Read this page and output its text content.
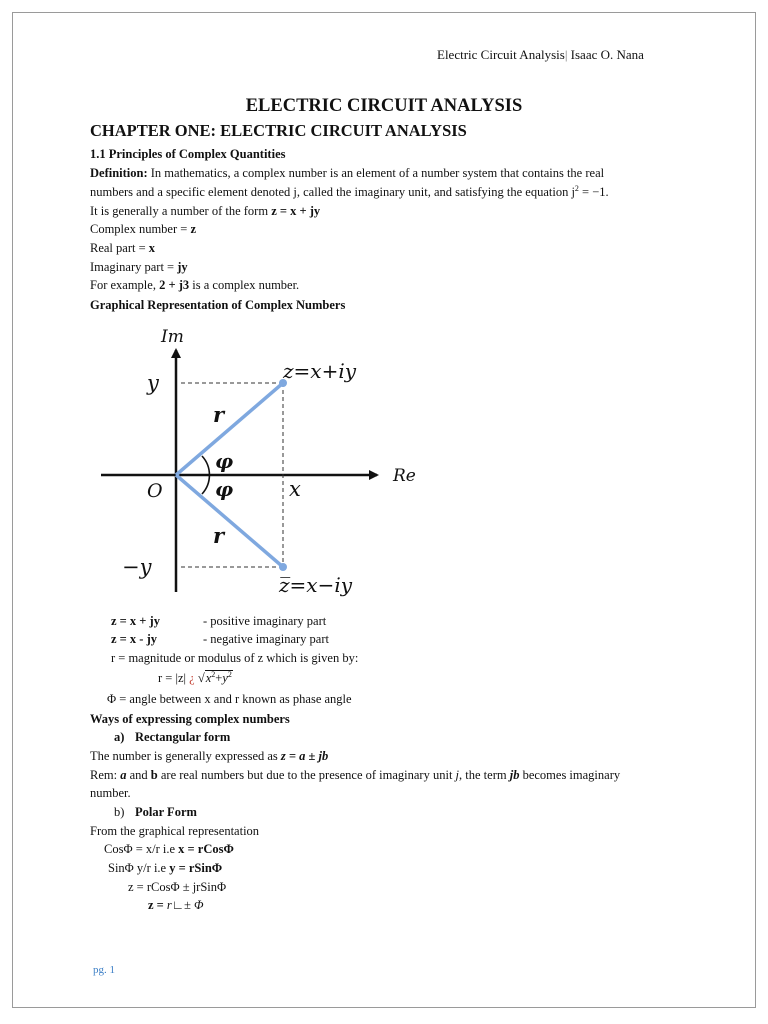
Electric Circuit Analysis| Isaac O. Nana
ELECTRIC CIRCUIT ANALYSIS
CHAPTER ONE: ELECTRIC CIRCUIT ANALYSIS
1.1 Principles of Complex Quantities
Definition: In mathematics, a complex number is an element of a number system that contains the real
numbers and a specific element denoted j, called the imaginary unit, and satisfying the equation $j^2 = -1$.
It is generally a number of the form z = x + jy
Complex number = z
Real part = x
Imaginary part = jy
For example, 2 + j3 is a complex number.
Graphical Representation of Complex Numbers
Im
Re
O
y
−y
x
r
r
φ
φ
z=x+iy
z̅=x−iy
z = x + jy	- positive imaginary part
z = x - jy	- negative imaginary part
r = magnitude or modulus of z which is given by:
r = |z| ¿ $√x^2+y^2$
Φ = angle between x and r known as phase angle
Ways of expressing complex numbers
a) Rectangular form
The number is generally expressed as z = a ± jb
Rem: a and b are real numbers but due to the presence of imaginary unit j, the term jb becomes imaginary
number.
b) Polar Form
From the graphical representation
CosΦ = x/r i.e x = rCosΦ
SinΦ y/r i.e y = rSinΦ
z = rCosΦ ± jrSinΦ
z = r∟± Φ
pg. 1
